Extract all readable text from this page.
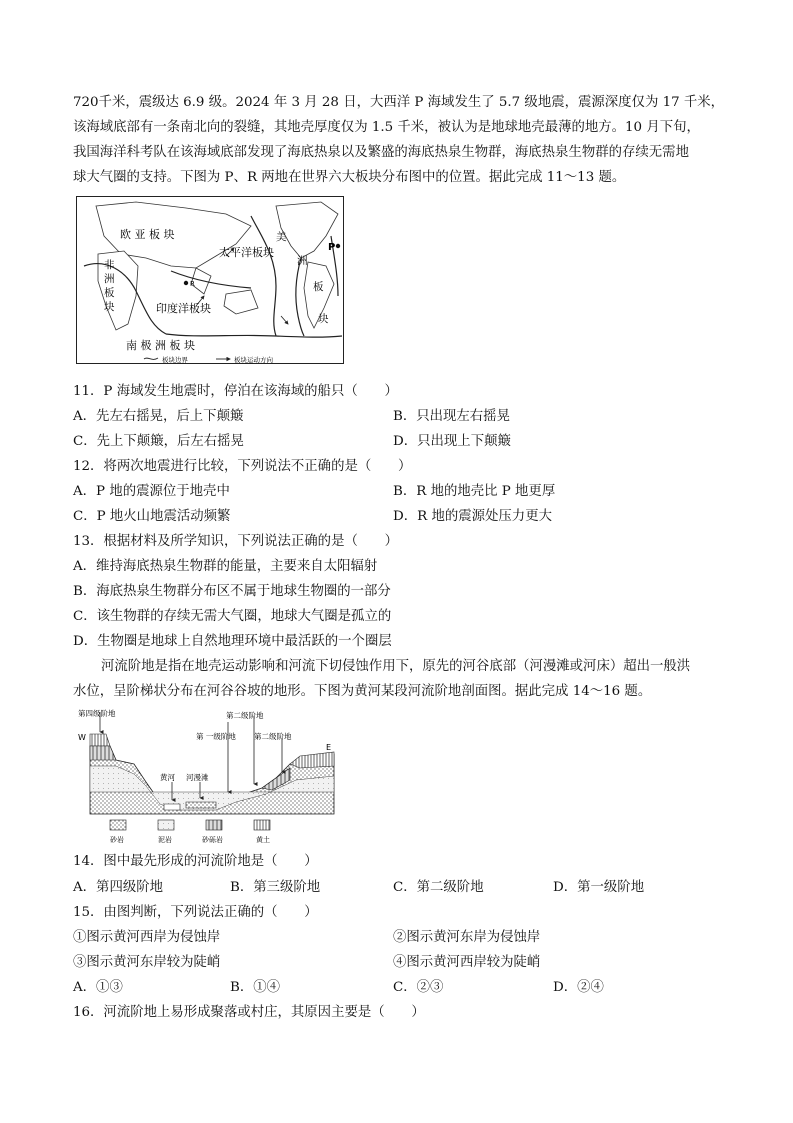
720千米，震级达 6.9 级。2024 年 3 月 28 日，大西洋 P 海域发生了 5.7 级地震，震源深度仅为 17 千米，
该海域底部有一条南北向的裂缝，其地壳厚度仅为 1.5 千米，被认为是地球地壳最薄的地方。10 月下旬，
我国海洋科考队在该海域底部发现了海底热泉以及繁盛的海底热泉生物群，海底热泉生物群的存续无需地
球大气圈的支持。下图为 P、R 两地在世界六大板块分布图中的位置。据此完成 11～13 题。
欧 亚 板 块
非
洲
板
块
太平洋板块
印度洋板块
美
洲
板
块
南 极 洲 板 块
P
R
板块边界	板块运动方向
11．P 海域发生地震时，停泊在该海域的船只（　　）
A．先左右摇晃，后上下颠簸	B．只出现左右摇晃
C．先上下颠簸，后左右摇晃	D．只出现上下颠簸
12．将两次地震进行比较，下列说法不正确的是（　　）
A．P 地的震源位于地壳中	B．R 地的地壳比 P 地更厚
C．P 地火山地震活动频繁	D．R 地的震源处压力更大
13．根据材料及所学知识，下列说法正确的是（　　）
A．维持海底热泉生物群的能量，主要来自太阳辐射
B．海底热泉生物群分布区不属于地球生物圈的一部分
C．该生物群的存续无需大气圈，地球大气圈是孤立的
D．生物圈是地球上自然地理环境中最活跃的一个圈层
河流阶地是指在地壳运动影响和河流下切侵蚀作用下，原先的河谷底部（河漫滩或河床）超出一般洪
水位，呈阶梯状分布在河谷谷坡的地形。下图为黄河某段河流阶地剖面图。据此完成 14～16 题。
第四级阶地	第二级阶地
第 一级阶地 第二级阶地
黄河 河漫滩
W
E
砂岩	泥岩	砂砾岩	黄土
14．图中最先形成的河流阶地是（　　）
A．第四级阶地	B．第三级阶地	C．第二级阶地	D．第一级阶地
15．由图判断，下列说法正确的（　　）
①图示黄河西岸为侵蚀岸	②图示黄河东岸为侵蚀岸
③图示黄河东岸较为陡峭	④图示黄河西岸较为陡峭
A．①③	B．①④	C．②③	D．②④
16．河流阶地上易形成聚落或村庄，其原因主要是（　　）
